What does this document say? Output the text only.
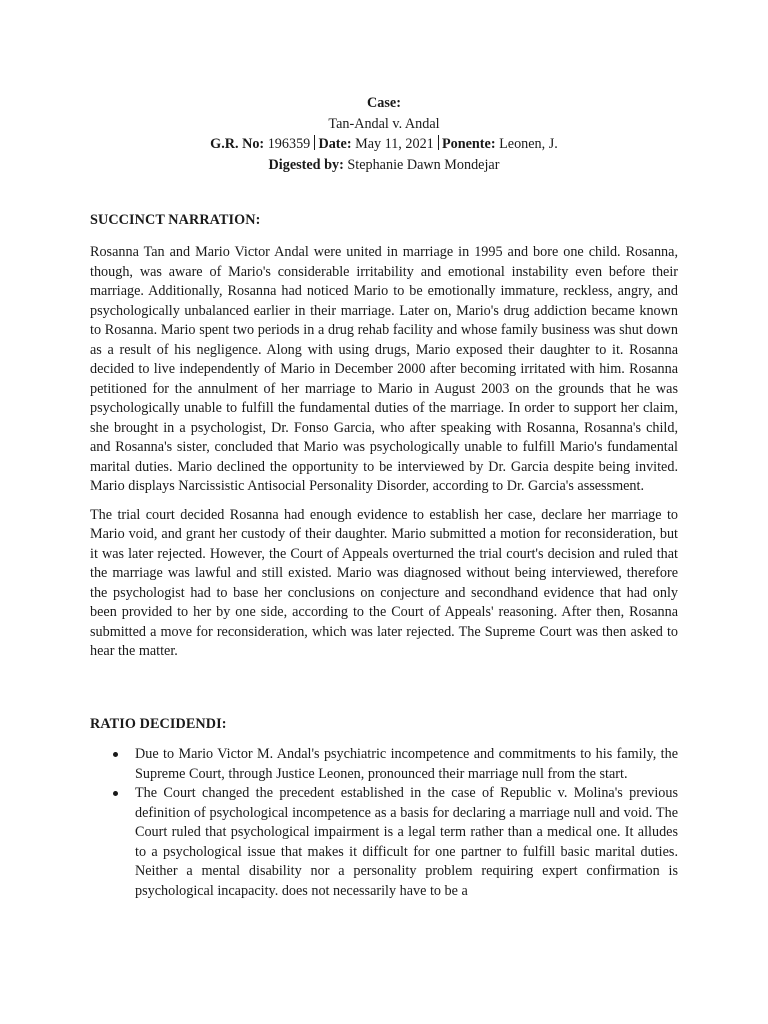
Case:
Tan-Andal v. Andal
G.R. No: 196359 Date: May 11, 2021 Ponente: Leonen, J.
Digested by: Stephanie Dawn Mondejar
SUCCINCT NARRATION:

Rosanna Tan and Mario Victor Andal were united in marriage in 1995 and bore one child. Rosanna, though, was aware of Mario's considerable irritability and emotional instability even before their marriage. Additionally, Rosanna had noticed Mario to be emotionally immature, reckless, angry, and psychologically unbalanced earlier in their marriage. Later on, Mario's drug addiction became known to Rosanna. Mario spent two periods in a drug rehab facility and whose family business was shut down as a result of his negligence. Along with using drugs, Mario exposed their daughter to it. Rosanna decided to live independently of Mario in December 2000 after becoming irritated with him. Rosanna petitioned for the annulment of her marriage to Mario in August 2003 on the grounds that he was psychologically unable to fulfill the fundamental duties of the marriage. In order to support her claim, she brought in a psychologist, Dr. Fonso Garcia, who after speaking with Rosanna, Rosanna's child, and Rosanna's sister, concluded that Mario was psychologically unable to fulfill Mario's fundamental marital duties. Mario declined the opportunity to be interviewed by Dr. Garcia despite being invited. Mario displays Narcissistic Antisocial Personality Disorder, according to Dr. Garcia's assessment.

The trial court decided Rosanna had enough evidence to establish her case, declare her marriage to Mario void, and grant her custody of their daughter. Mario submitted a motion for reconsideration, but it was later rejected. However, the Court of Appeals overturned the trial court's decision and ruled that the marriage was lawful and still existed. Mario was diagnosed without being interviewed, therefore the psychologist had to base her conclusions on conjecture and secondhand evidence that had only been provided to her by one side, according to the Court of Appeals' reasoning. After then, Rosanna submitted a move for reconsideration, which was later rejected. The Supreme Court was then asked to hear the matter.

RATIO DECIDENDI:
Due to Mario Victor M. Andal's psychiatric incompetence and commitments to his family, the Supreme Court, through Justice Leonen, pronounced their marriage null from the start.
The Court changed the precedent established in the case of Republic v. Molina's previous definition of psychological incompetence as a basis for declaring a marriage null and void. The Court ruled that psychological impairment is a legal term rather than a medical one. It alludes to a psychological issue that makes it difficult for one partner to fulfill basic marital duties. Neither a mental disability nor a personality problem requiring expert confirmation is psychological incapacity. does not necessarily have to be a
